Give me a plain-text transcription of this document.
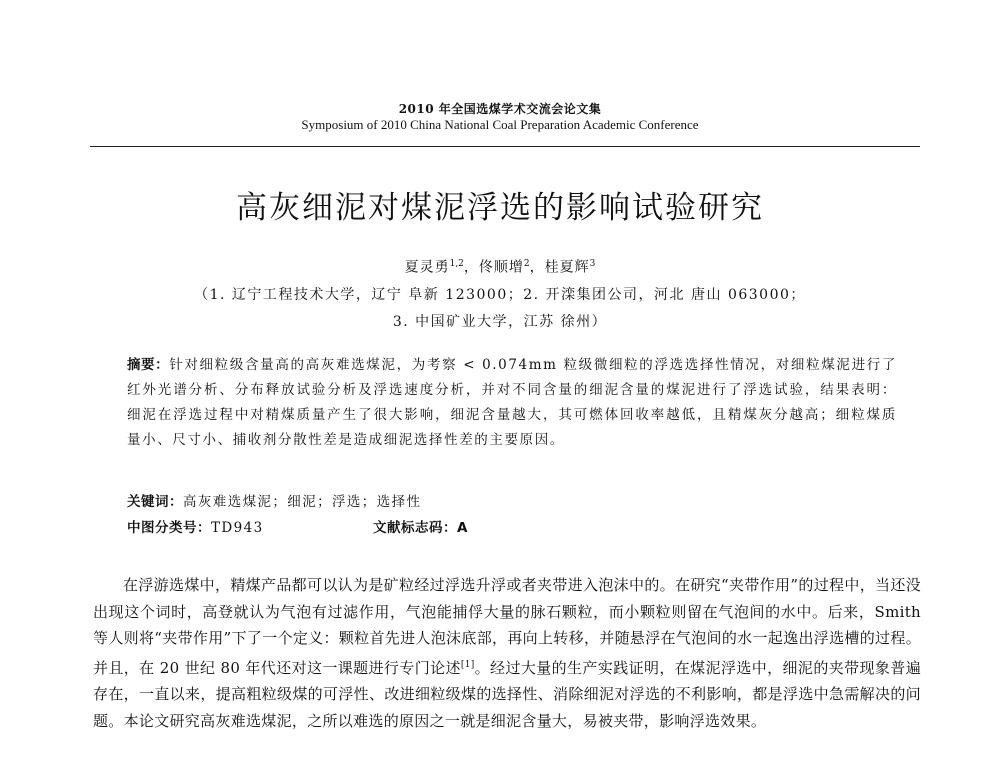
2010 年全国选煤学术交流会论文集
Symposium of 2010 China National Coal Preparation Academic Conference
高灰细泥对煤泥浮选的影响试验研究
夏灵勇$^{1,2}$，佟顺增$^2$，桂夏辉$^3$
（1. 辽宁工程技术大学，辽宁 阜新 123000；2. 开滦集团公司，河北 唐山 063000；
3. 中国矿业大学，江苏 徐州）
摘要：针对细粒级含量高的高灰难选煤泥，为考察 < 0.074mm 粒级微细粒的浮选选择性情况，对细粒煤泥进行了红外光谱分析、分布释放试验分析及浮选速度分析，并对不同含量的细泥含量的煤泥进行了浮选试验，结果表明：细泥在浮选过程中对精煤质量产生了很大影响，细泥含量越大，其可燃体回收率越低，且精煤灰分越高；细粒煤质量小、尺寸小、捕收剂分散性差是造成细泥选择性差的主要原因。
关键词：高灰难选煤泥；细泥；浮选；选择性
中图分类号：TD943	文献标志码：A
在浮游选煤中，精煤产品都可以认为是矿粒经过浮选升浮或者夹带进入泡沫中的。在研究“夹带作用”的过程中，当还没出现这个词时，高登就认为气泡有过滤作用，气泡能捕俘大量的脉石颗粒，而小颗粒则留在气泡间的水中。后来，Smith 等人则将“夹带作用”下了一个定义：颗粒首先进人泡沫底部，再向上转移，并随悬浮在气泡间的水一起逸出浮选槽的过程。并且，在 20 世纪 80 年代还对这一课题进行专门论述[1]。经过大量的生产实践证明，在煤泥浮选中，细泥的夹带现象普遍存在，一直以来，提高粗粒级煤的可浮性、改进细粒级煤的选择性、消除细泥对浮选的不利影响，都是浮选中急需解决的问题。本论文研究高灰难选煤泥，之所以难选的原因之一就是细泥含量大，易被夹带，影响浮选效果。
